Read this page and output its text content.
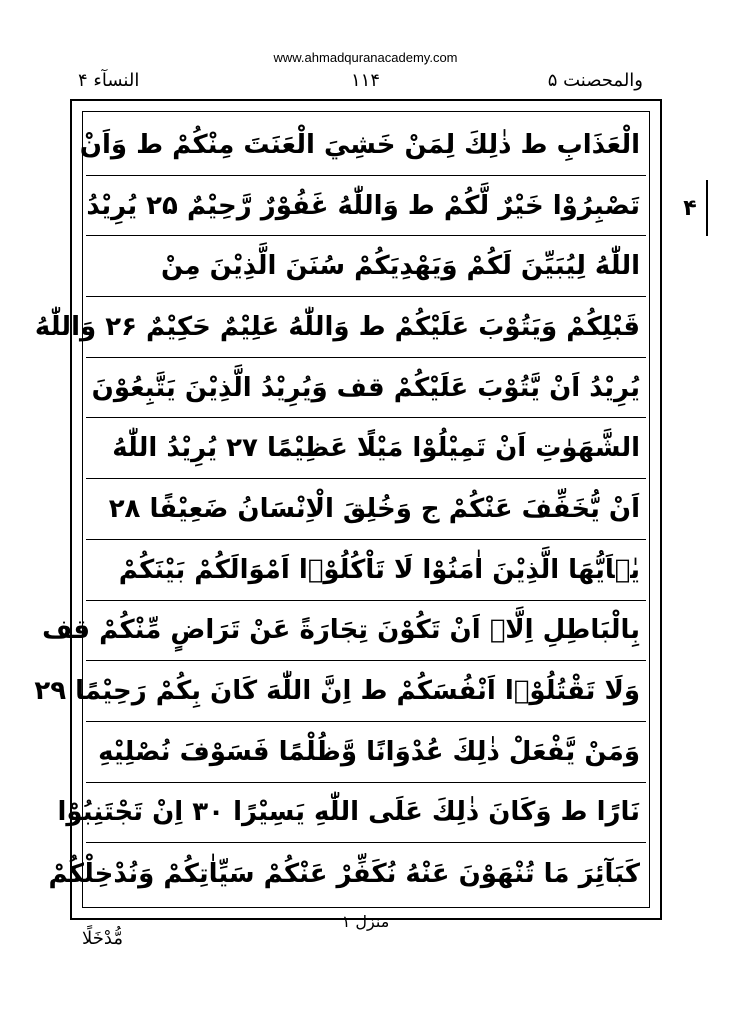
www.ahmadquranacademy.com
والمحصنت ۵
۱۱۴
النسآء ۴
الْعَذَابِ ط ذٰلِكَ لِمَنْ خَشِيَ الْعَنَتَ مِنْكُمْ ط وَاَنْ
تَصْبِرُوْا خَيْرٌ لَّكُمْ ط وَاللّٰهُ غَفُوْرٌ رَّحِيْمٌ ۲۵ يُرِيْدُ
اللّٰهُ لِيُبَيِّنَ لَكُمْ وَيَهْدِيَكُمْ سُنَنَ الَّذِيْنَ مِنْ
قَبْلِكُمْ وَيَتُوْبَ عَلَيْكُمْ ط وَاللّٰهُ عَلِيْمٌ حَكِيْمٌ ۲۶ وَاللّٰهُ
يُرِيْدُ اَنْ يَّتُوْبَ عَلَيْكُمْ قف وَيُرِيْدُ الَّذِيْنَ يَتَّبِعُوْنَ
الشَّهَوٰتِ اَنْ تَمِيْلُوْا مَيْلًا عَظِيْمًا ۲۷ يُرِيْدُ اللّٰهُ
اَنْ يُّخَفِّفَ عَنْكُمْ ج وَخُلِقَ الْاِنْسَانُ ضَعِيْفًا ۲۸
يٰۤاَيُّهَا الَّذِيْنَ اٰمَنُوْا لَا تَاْكُلُوْۤا اَمْوَالَكُمْ بَيْنَكُمْ
بِالْبَاطِلِ اِلَّاۤ اَنْ تَكُوْنَ تِجَارَةً عَنْ تَرَاضٍ مِّنْكُمْ قف
وَلَا تَقْتُلُوْۤا اَنْفُسَكُمْ ط اِنَّ اللّٰهَ كَانَ بِكُمْ رَحِيْمًا ۲۹
وَمَنْ يَّفْعَلْ ذٰلِكَ عُدْوَانًا وَّظُلْمًا فَسَوْفَ نُصْلِيْهِ
نَارًا ط وَكَانَ ذٰلِكَ عَلَى اللّٰهِ يَسِيْرًا ۳۰ اِنْ تَجْتَنِبُوْا
كَبَآئِرَ مَا تُنْهَوْنَ عَنْهُ نُكَفِّرْ عَنْكُمْ سَيِّاٰتِكُمْ وَنُدْخِلْكُمْ
۴
منزل ۱
مُّدْخَلًا
